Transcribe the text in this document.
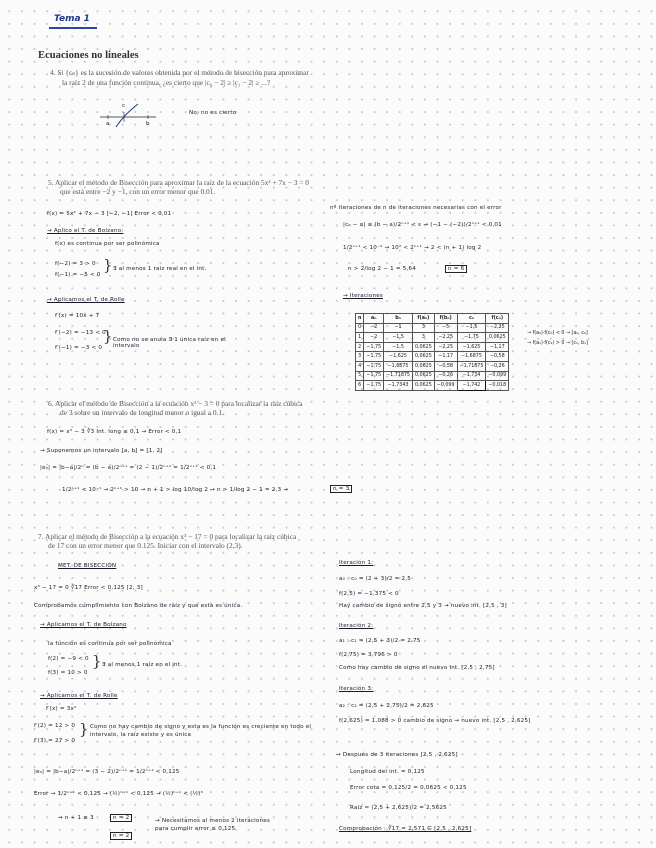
Tema 1
Ecuaciones no lineales
4. Si {cₙ} es la sucesión de valores obtenida por el método de bisección para aproximar
la raíz 2 de una función continua, ¿es cierto que |c₀ − 2| ≥ |c₁ − 2| ≥ ...?
a	b
c
No, no es cierto
5. Aplicar el método de Bisección para aproximar la raíz de la ecuación 5x² + 7x − 3 = 0
que está entre −2 y −1, con un error menor que 0.01.
f(x) = 5x² + 7x − 3 [−2, −1] Error < 0,01
→ Aplico el T. de Bolzano:
f(x) es continua por ser polinómica
f(−2) = 3 > 0
f(−1) = −5 < 0
} ∃ al menos 1 raíz real en el int.
→ Aplicamos el T. de Rolle
f′(x) = 10x + 7
f′(−2) = −13 < 0
f′(−1) = −3 < 0
} Como no se anula ∃ 1 única raíz en el intervalo
nº iteraciones de n de iteraciones necesarias con el error
|cₙ − α| ≤ (b − a)/2ⁿ⁺¹ < ε → (−1 − (−2))/2ⁿ⁺¹ < 0,01
1/2ⁿ⁺¹ < 10⁻² → 10² < 2ⁿ⁺¹ → 2 < (n + 1) log 2
n > 2/log 2 − 1 = 5,64	n = 6
→ Iteraciones
n	aₙ	bₙ	f(aₙ)	f(bₙ)	cₙ	f(cₙ)
0	−2	−1	3	−5	−1,5	−2,25
1	−2	−1,5	3	−2,25	−1,75	0,0625
2	−1,75	−1,5	0,0625	−2,25	−1,625	−1,17
3	−1,75	−1,625	0,0625	−1,17	−1,6875	−0,58
4	−1,75	−1,6875	0,0625	−0,58	−1,71875	−0,26
5	−1,75	−1,71875	0,0625	−0,26	−1,734	−0,099
6	−1,75	−1,7343	0,0625	−0,099	−1,742	−0,018
→ f(a₀)·f(c₀) < 0 → [a₀, c₀]
→ f(a₁)·f(c₁) > 0 → [c₁, b₁]
6. Aplicar el método de Bisección a la ecuación x³ − 3 = 0 para localizar la raíz cúbica
de 3 sobre un intervalo de longitud menor o igual a 0.1.
f(x) = x³ − 3 ∛3 Int. long ≤ 0,1 → Error < 0,1
→ Suponemos un intervalo [a, b] = [1, 2]
|eₙ| = |b−a|/2ⁿ = (b − a)/2ⁿ⁺¹ = (2 − 1)/2ⁿ⁺¹ = 1/2ⁿ⁺¹ < 0,1
1/2ⁿ⁺¹ < 10⁻¹ → 2ⁿ⁺¹ > 10 → n + 1 > log 10/log 2 → n > 1/log 2 − 1 = 2,3 →	n = 3
7. Aplicar el método de Bisección a la ecuación x³ − 17 = 0 para localizar la raíz cúbica
de 17 con un error menor que 0.125. Iniciar con el intervalo (2,3).
MET. DE BISECCIÓN
x³ − 17 = 0 ∛17 Error < 0,125 [2, 3]
Comprobamos cumplimiento con Bolzano de raíz y que esta es única.
→ Aplicamos el T. de Bolzano
la función es continua por ser polinómica
f(2) = −9 < 0
f(3) = 10 > 0
} ∃ al menos 1 raíz en el int.
→ Aplicamos el T. de Rolle
f′(x) = 3x²
f′(2) = 12 > 0
f′(3) = 27 > 0
} Como no hay cambio de signo y esta es la función es creciente en todo el intervalo, la raíz existe y es única
|eₙ| = |b−a|/2ⁿ⁺¹ = (3 − 2)/2ⁿ⁺¹ = 1/2ⁿ⁺¹ < 0,125
Error → 1/2ⁿ⁺¹ < 0,125 → (½)ⁿ⁺¹ < 0,125 → (½)ⁿ⁺¹ < (½)³
→ n + 1 ≥ 3	n = 2
n = 2
→ Necesitamos al menos 2 iteraciones para cumplir error ≤ 0,125
Iteración 1:
a₀ : c₀ = (2 + 3)/2 = 2,5
f(2,5) = −1,375 < 0
Hay cambio de signo entre 2,5 y 3 → nuevo int. [2,5 , 3]
Iteración 2:
a₁ : c₁ = (2,5 + 3)/2 = 2,75
f(2,75) = 3,796 > 0
Como hay cambio de signo el nuevo int. [2,5 , 2,75]
Iteración 3:
a₂ : c₂ = (2,5 + 2,75)/2 = 2,625
f(2,625) = 1,088 > 0 cambio de signo → nuevo int. [2,5 , 2,625]
→ Después de 3 iteraciones [2,5 , 2,625]
Longitud del int. = 0,125
Error cota = 0,125/2 = 0,0625 < 0,125
Raíz ≈ (2,5 + 2,625)/2 = 2,5625
Comprobación : ∛17 = 2,571 ∈ [2,5 , 2,625]
